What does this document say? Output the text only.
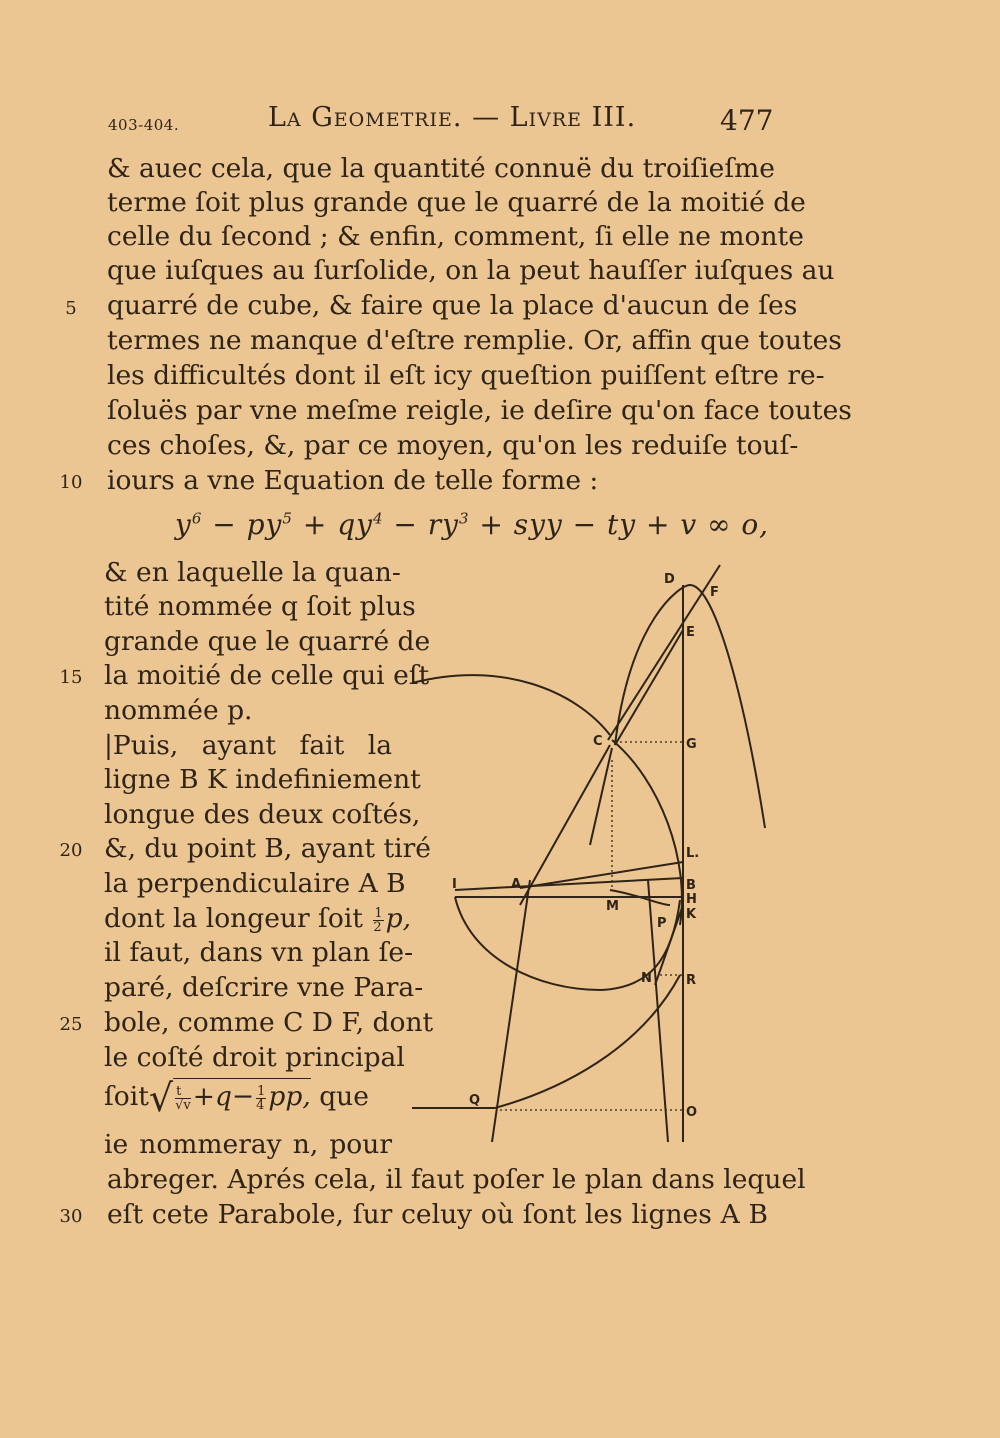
403-404.	La Geometrie. — Livre III.	477
& auec cela, que la quantité connuë du troiſieſme
terme ſoit plus grande que le quarré de la moitié de
celle du ſecond ; & enfin, comment, ſi elle ne monte
que iuſques au ſurſolide, on la peut hauſſer iuſques au
quarré de cube, & faire que la place d'aucun de ſes
termes ne manque d'eſtre remplie. Or, affin que toutes
les difficultés dont il eſt icy queſtion puiſſent eſtre re-
ſoluës par vne meſme reigle, ie deſire qu'on face toutes
ces choſes, &, par ce moyen, qu'on les reduiſe touſ-
iours a vne Equation de telle forme :
$y^6 - py^5 + qy^4 - ry^3$ + syy − ty + v ∞ o,
& en laquelle la quan-
tité nommée q ſoit plus
grande que le quarré de
la moitié de celle qui eſt
nommée p.
|Puis, ayant fait la
ligne B K indefiniement
longue des deux coſtés,
&, du point B, ayant tiré
la perpendiculaire A B
dont la longeur ſoit $\frac{1}{2} p$,
il faut, dans vn plan ſe-
paré, deſcrire vne Para-
bole, comme C D F, dont
le coſté droit principal
ſoit√ $\frac{t}{√v} +q- \frac{1}{4}$ pp, que
ie nommeray n, pour
abreger. Aprés cela, il faut poſer le plan dans lequel
eſt cete Parabole, ſur celuy où ſont les lignes A B
5
10
15
20
25
30
D
F
E
C	G
L.
I	A	B
H
K
M
P
N	R
Q
O
